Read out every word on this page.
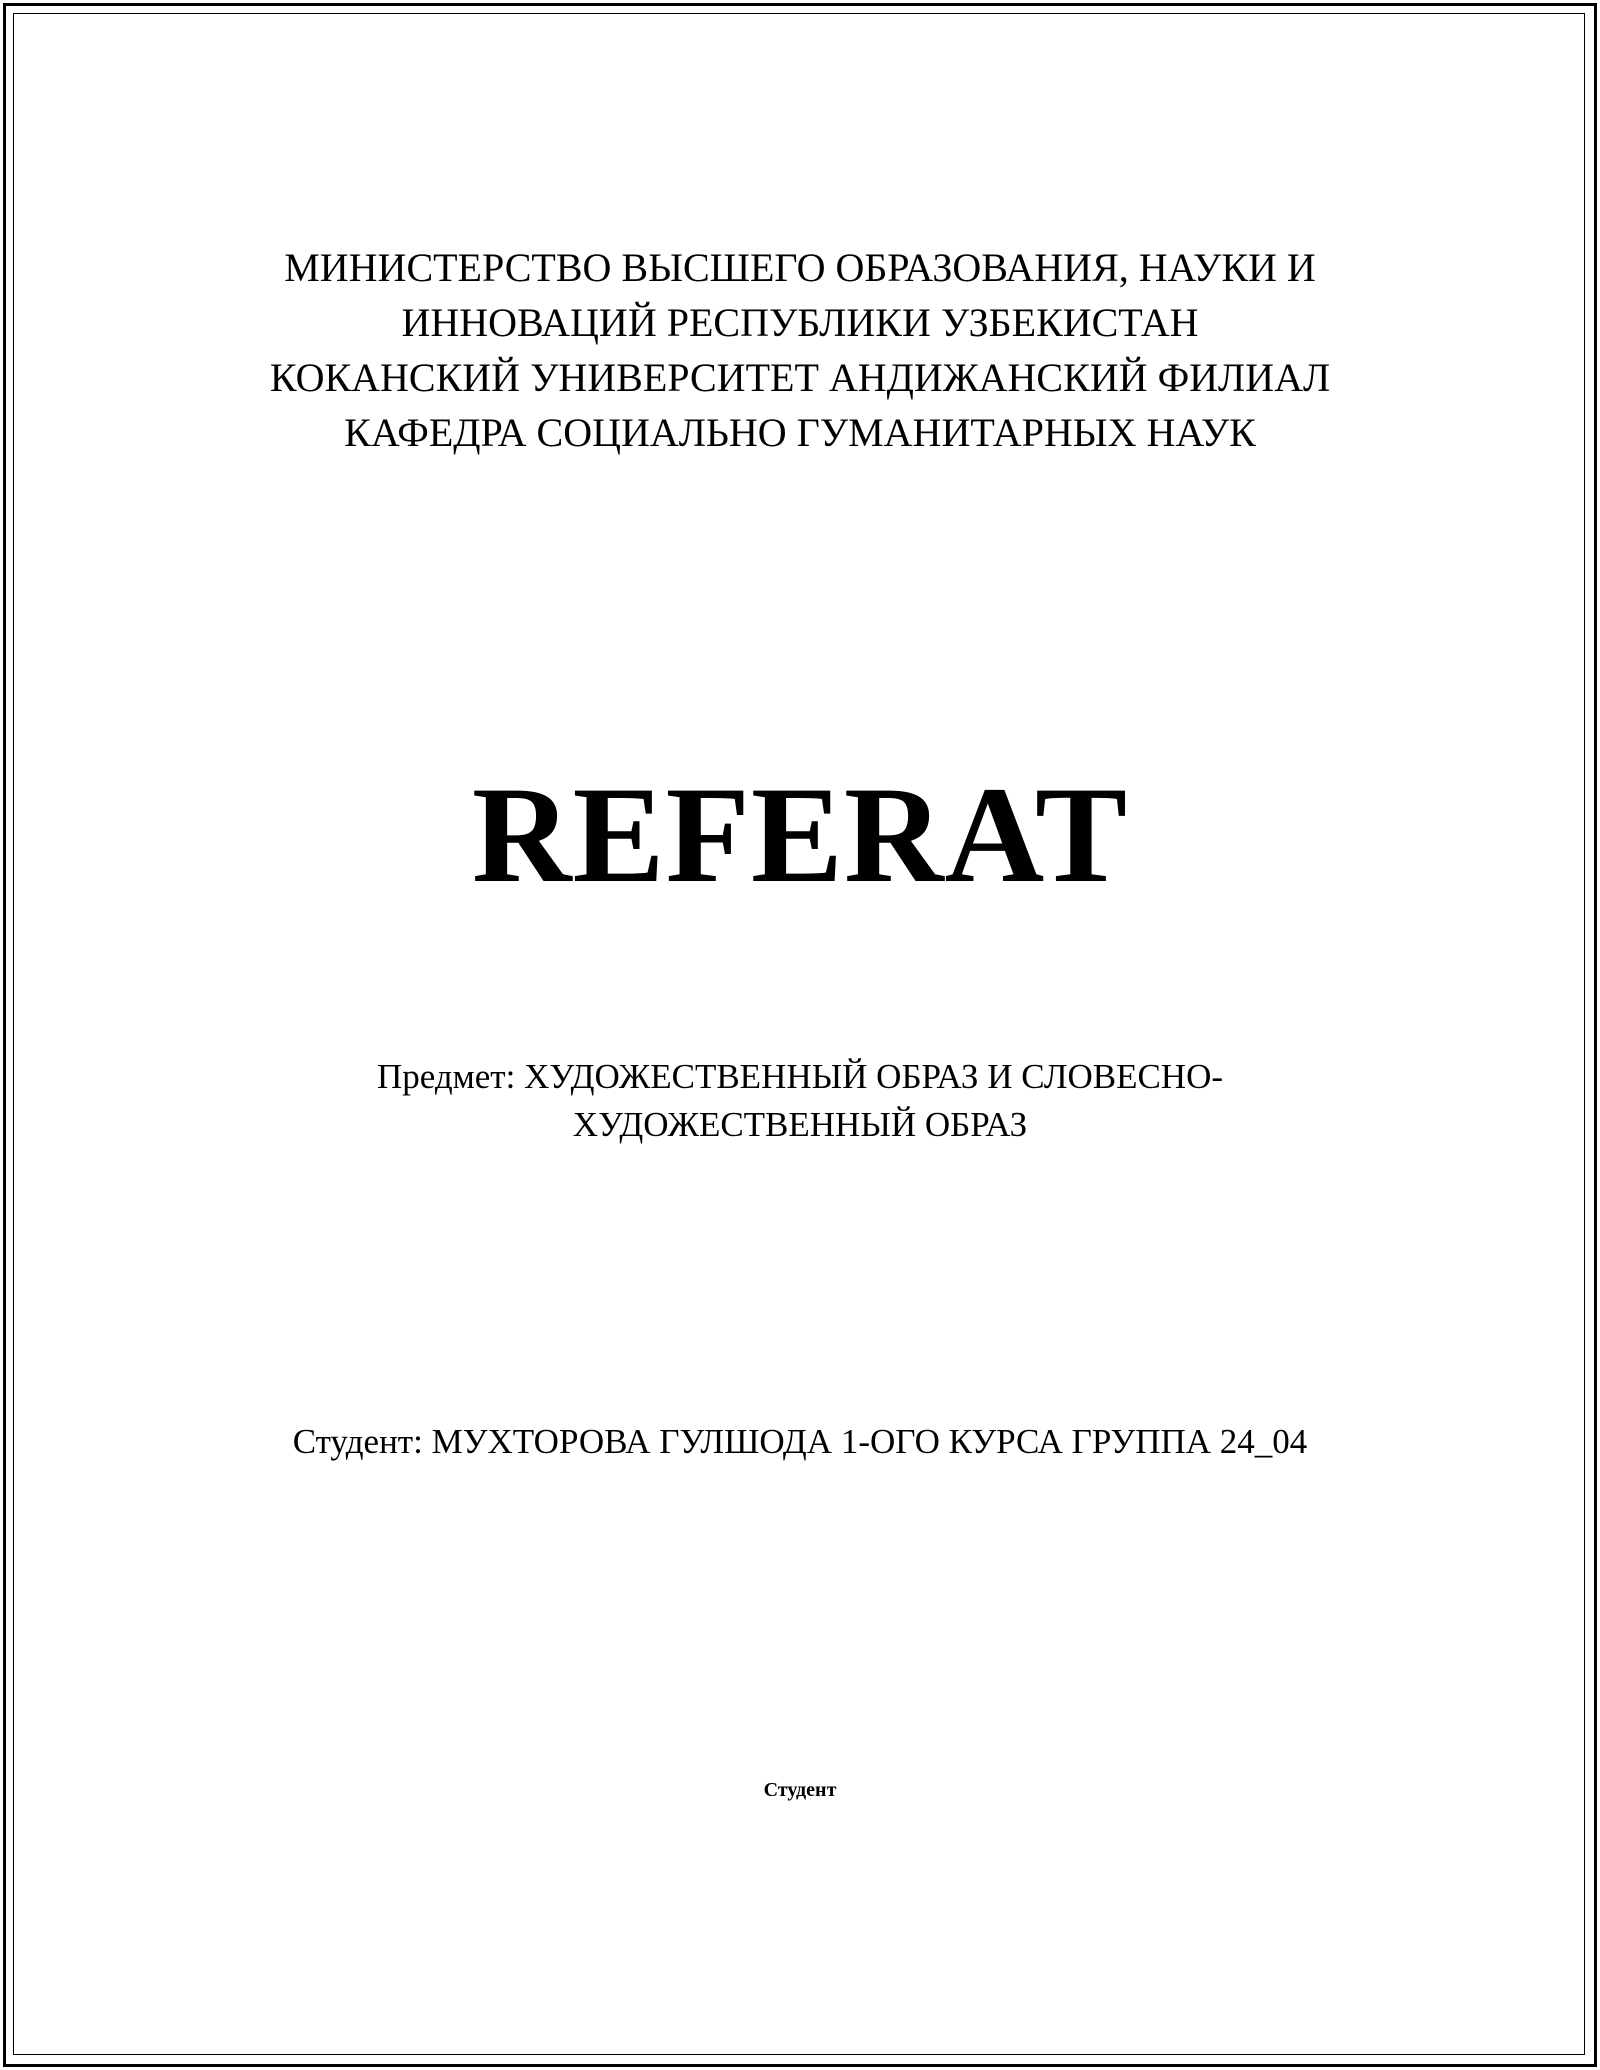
МИНИСТЕРСТВО ВЫСШЕГО ОБРАЗОВАНИЯ, НАУКИ И
ИННОВАЦИЙ РЕСПУБЛИКИ УЗБЕКИСТАН
КОКАНСКИЙ УНИВЕРСИТЕТ АНДИЖАНСКИЙ ФИЛИАЛ
КАФЕДРА СОЦИАЛЬНО ГУМАНИТАРНЫХ НАУК
REFERAT
Предмет: ХУДОЖЕСТВЕННЫЙ ОБРАЗ И СЛОВЕСНО-
ХУДОЖЕСТВЕННЫЙ ОБРАЗ
Студент: МУХТОРОВА ГУЛШОДА 1-ОГО КУРСА ГРУППА 24_04
Студент
